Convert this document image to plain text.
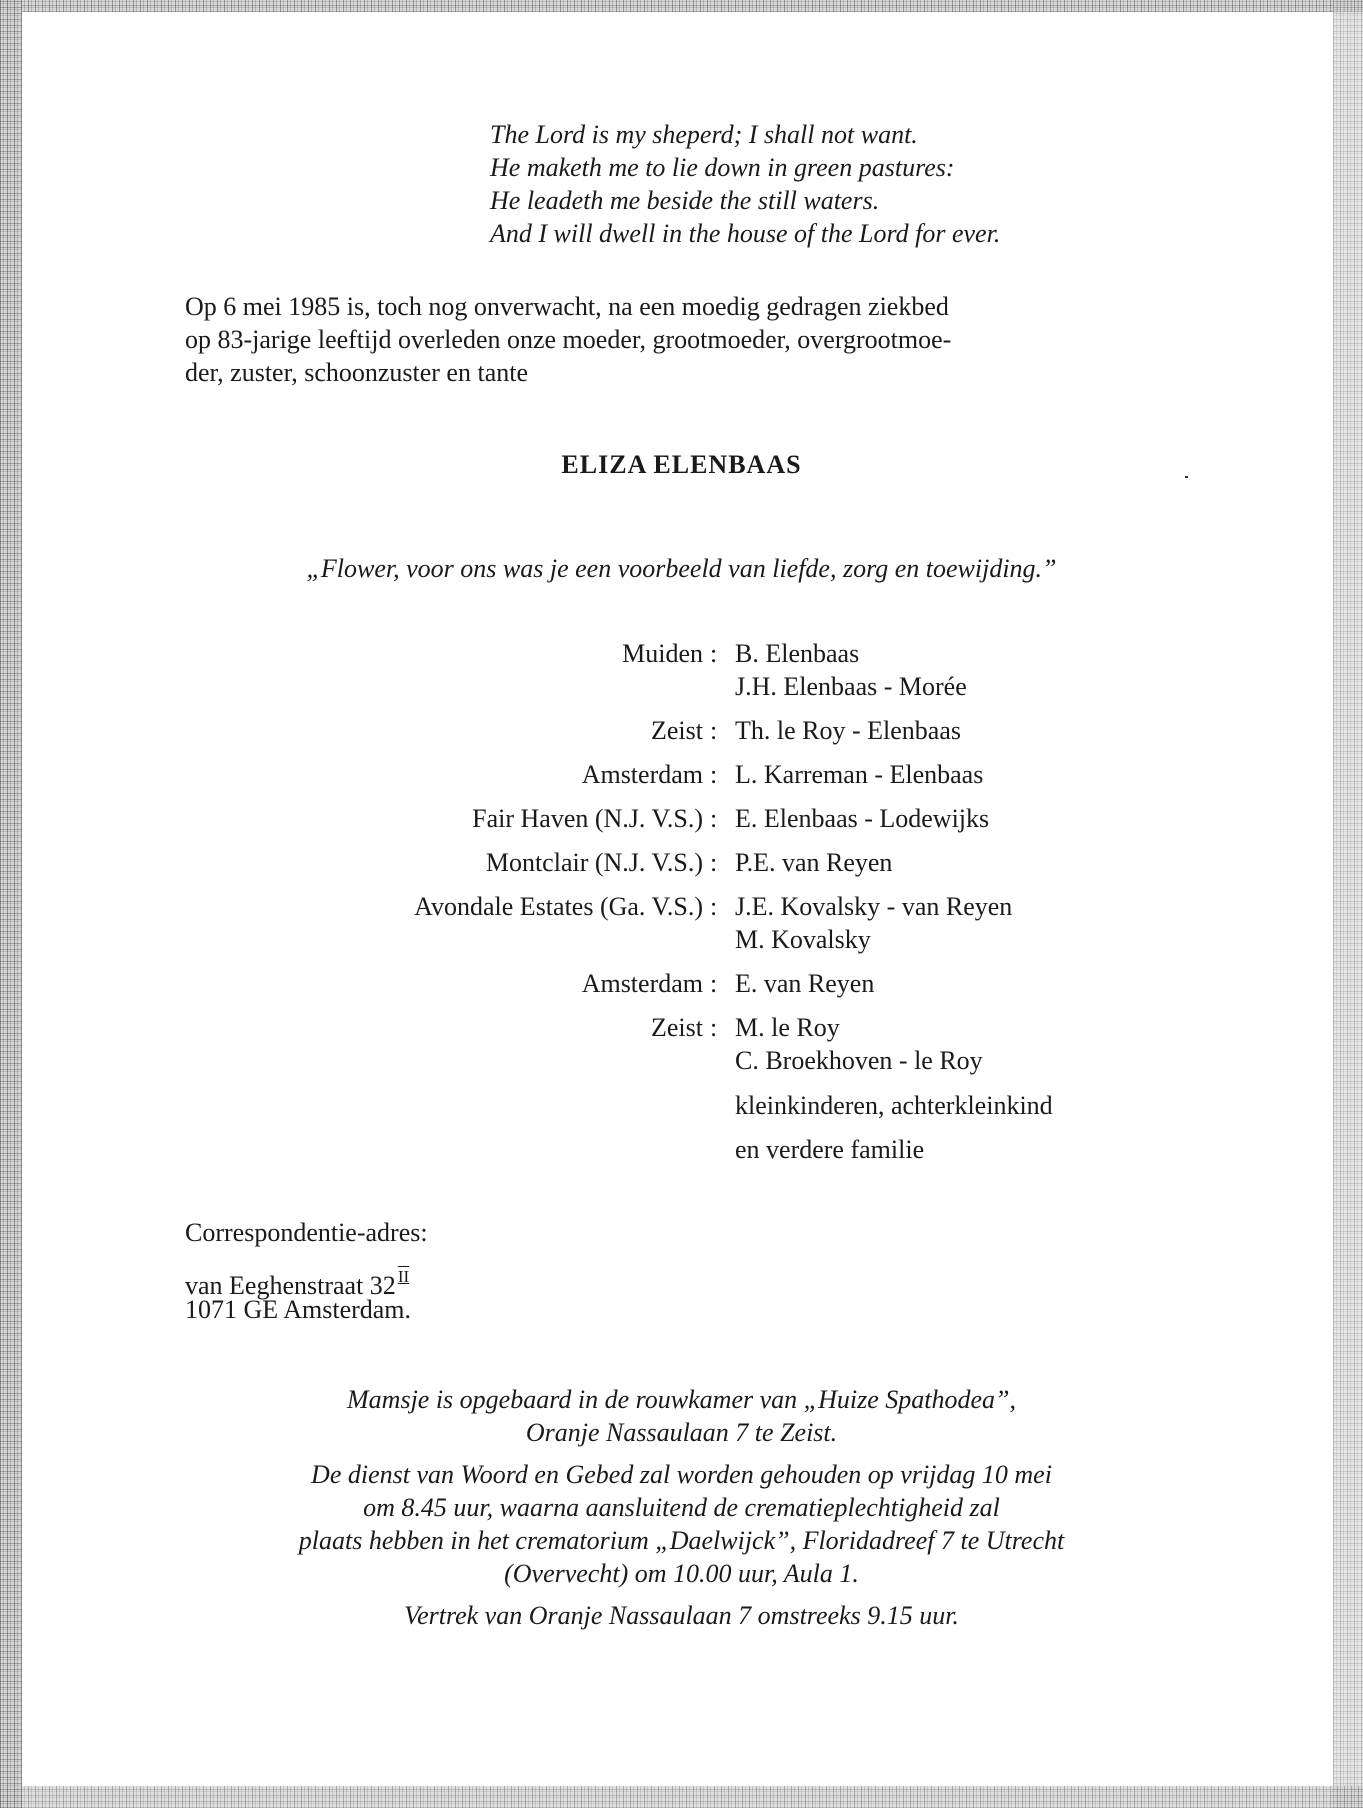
The Lord is my sheperd; I shall not want.
He maketh me to lie down in green pastures:
He leadeth me beside the still waters.
And I will dwell in the house of the Lord for ever.
Op 6 mei 1985 is, toch nog onverwacht, na een moedig gedragen ziekbed
op 83-jarige leeftijd overleden onze moeder, grootmoeder, overgrootmoe-
der, zuster, schoonzuster en tante
ELIZA ELENBAAS
„Flower, voor ons was je een voorbeeld van liefde, zorg en toewijding.”
Muiden : B. Elenbaas
J.H. Elenbaas - Morée
Zeist : Th. le Roy - Elenbaas
Amsterdam : L. Karreman - Elenbaas
Fair Haven (N.J. V.S.) : E. Elenbaas - Lodewijks
Montclair (N.J. V.S.) : P.E. van Reyen
Avondale Estates (Ga. V.S.) : J.E. Kovalsky - van Reyen
M. Kovalsky
Amsterdam : E. van Reyen
Zeist : M. le Roy
C. Broekhoven - le Roy
kleinkinderen, achterkleinkind
en verdere familie
Correspondentie-adres:
van Eeghenstraat 32 $^{II}$
1071 GE Amsterdam.
Mamsje is opgebaard in de rouwkamer van „Huize Spathodea”,
Oranje Nassaulaan 7 te Zeist.
De dienst van Woord en Gebed zal worden gehouden op vrijdag 10 mei
om 8.45 uur, waarna aansluitend de crematieplechtigheid zal
plaats hebben in het crematorium „Daelwijck”, Floridadreef 7 te Utrecht
(Overvecht) om 10.00 uur, Aula 1.
Vertrek van Oranje Nassaulaan 7 omstreeks 9.15 uur.
